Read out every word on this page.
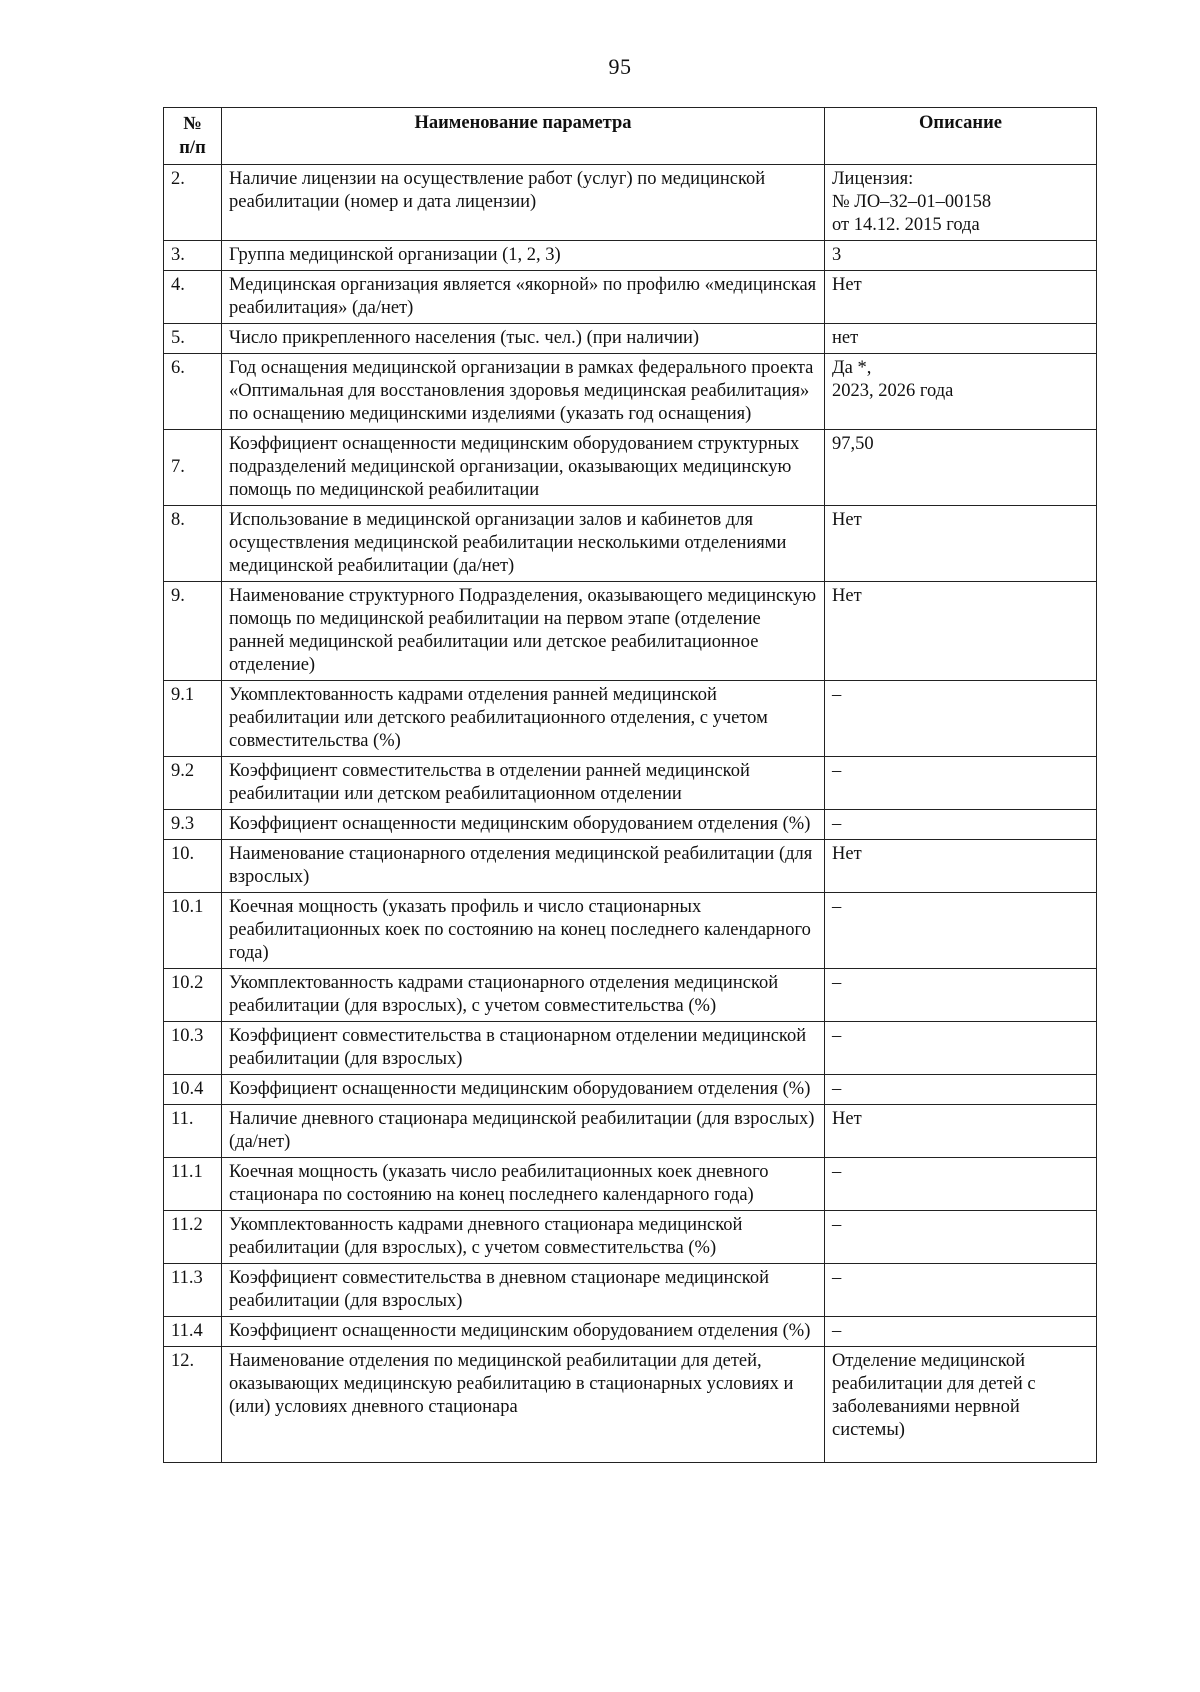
95
№
п/п	Наименование параметра	Описание
2.	Наличие лицензии на осуществление работ (услуг) по медицинской реабилитации (номер и дата лицензии)	Лицензия:
№ ЛО–32–01–00158
от 14.12. 2015 года
3.	Группа медицинской организации (1, 2, 3)	3
4.	Медицинская организация является «якорной» по профилю «медицинская реабилитация» (да/нет)	Нет
5.	Число прикрепленного населения (тыс. чел.) (при наличии)	нет
6.	Год оснащения медицинской организации в рамках федерального проекта «Оптимальная для восстановления здоровья медицинская реабилитация» по оснащению медицинскими изделиями (указать год оснащения)	Да *,
2023, 2026 года
7.	Коэффициент оснащенности медицинским оборудованием структурных подразделений медицинской организации, оказывающих медицинскую помощь по медицинской реабилитации	97,50
8.	Использование в медицинской организации залов и кабинетов для осуществления медицинской реабилитации несколькими отделениями медицинской реабилитации (да/нет)	Нет
9.	Наименование структурного Подразделения, оказывающего медицинскую помощь по медицинской реабилитации на первом этапе (отделение ранней медицинской реабилитации или детское реабилитационное отделение)	Нет
9.1	Укомплектованность кадрами отделения ранней медицинской реабилитации или детского реабилитационного отделения, с учетом совместительства (%)	–
9.2	Коэффициент совместительства в отделении ранней медицинской реабилитации или детском реабилитационном отделении	–
9.3	Коэффициент оснащенности медицинским оборудованием отделения (%)	–
10.	Наименование стационарного отделения медицинской реабилитации (для взрослых)	Нет
10.1	Коечная мощность (указать профиль и число стационарных реабилитационных коек по состоянию на конец последнего календарного года)	–
10.2	Укомплектованность кадрами стационарного отделения медицинской реабилитации (для взрослых), с учетом совместительства (%)	–
10.3	Коэффициент совместительства в стационарном отделении медицинской реабилитации (для взрослых)	–
10.4	Коэффициент оснащенности медицинским оборудованием отделения (%)	–
11.	Наличие дневного стационара медицинской реабилитации (для взрослых) (да/нет)	Нет
11.1	Коечная мощность (указать число реабилитационных коек дневного стационара по состоянию на конец последнего календарного года)	–
11.2	Укомплектованность кадрами дневного стационара медицинской реабилитации (для взрослых), с учетом совместительства (%)	–
11.3	Коэффициент совместительства в дневном стационаре медицинской реабилитации (для взрослых)	–
11.4	Коэффициент оснащенности медицинским оборудованием отделения (%)	–
12.	Наименование отделения по медицинской реабилитации для детей, оказывающих медицинскую реабилитацию в стационарных условиях и (или) условиях дневного стационара	Отделение медицинской реабилитации для детей с заболеваниями нервной системы)
